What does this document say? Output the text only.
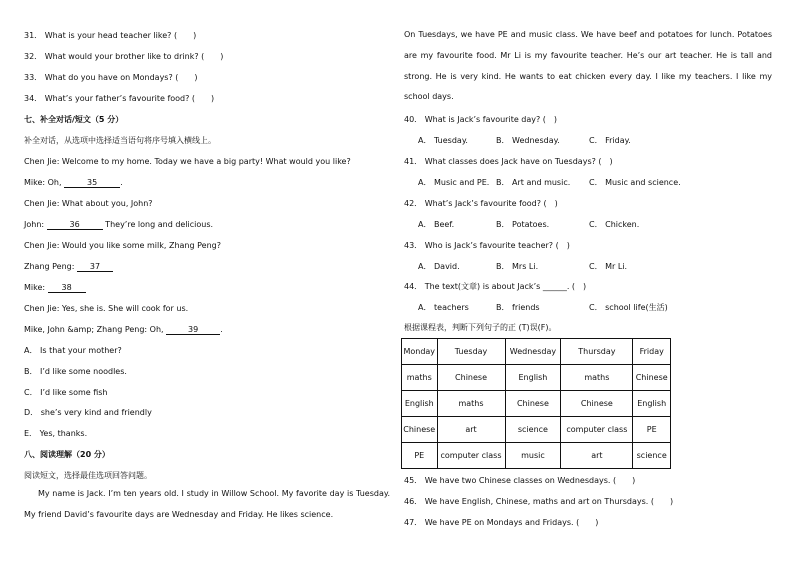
31． What is your head teacher like? (　　)
32． What would your brother like to drink? (　　)
33． What do you have on Mondays? (　　)
34． What’s your father’s favourite food? (　　)
七、补全对话/短文（5 分）
补全对话，从选项中选择适当语句将序号填入横线上。
Chen Jie: Welcome to my home. Today we have a big party! What would you like?
Mike: Oh,	35	.
Chen Jie: What about you, John?
John:	36	They’re long and delicious.
Chen Jie: Would you like some milk, Zhang Peng?
Zhang Peng: 37
Mike: 38
Chen Jie: Yes, she is. She will cook for us.
Mike, John &amp; Zhang Peng: Oh,	39	.
A． Is that your mother?
B． I’d like some noodles.
C． I’d like some fish
D． she’s very kind and friendly
E． Yes, thanks.
八、阅读理解（20 分）
阅读短文，选择最佳选项回答问题。
My name is Jack. I’m ten years old. I study in Willow School. My favorite day is Tuesday. My friend David’s favourite days are Wednesday and Friday. He likes science.
On Tuesdays, we have PE and music class. We have beef and potatoes for lunch. Potatoes are my favourite food. Mr Li is my favourite teacher. He’s our art teacher. He is tall and strong. He is very kind. He wants to eat chicken every day. I like my teachers. I like my school days.
40． What is Jack’s favourite day? (　)
A． Tuesday.	B． Wednesday.	C． Friday.
41． What classes does Jack have on Tuesdays? (　)
A． Music and PE. B． Art and music. C． Music and science.
42． What’s Jack’s favourite food? (　)
A． Beef.	B． Potatoes.	C． Chicken.
43． Who is Jack’s favourite teacher? (　)
A． David.	B． Mrs Li.	C． Mr Li.
44． The text(文章) is about Jack’s ______. (　)
A． teachers	B． friends	C． school life(生活)
根据课程表，判断下列句子的正 (T)误(F)。
Monday	Tuesday	Wednesday	Thursday	Friday
maths	Chinese	English	maths	Chinese
English	maths	Chinese	Chinese	English
Chinese	art	science	computer class	PE
PE	computer class	music	art	science
45． We have two Chinese classes on Wednesdays. (　　)
46． We have English, Chinese, maths and art on Thursdays. (　　)
47． We have PE on Mondays and Fridays. (　　)
